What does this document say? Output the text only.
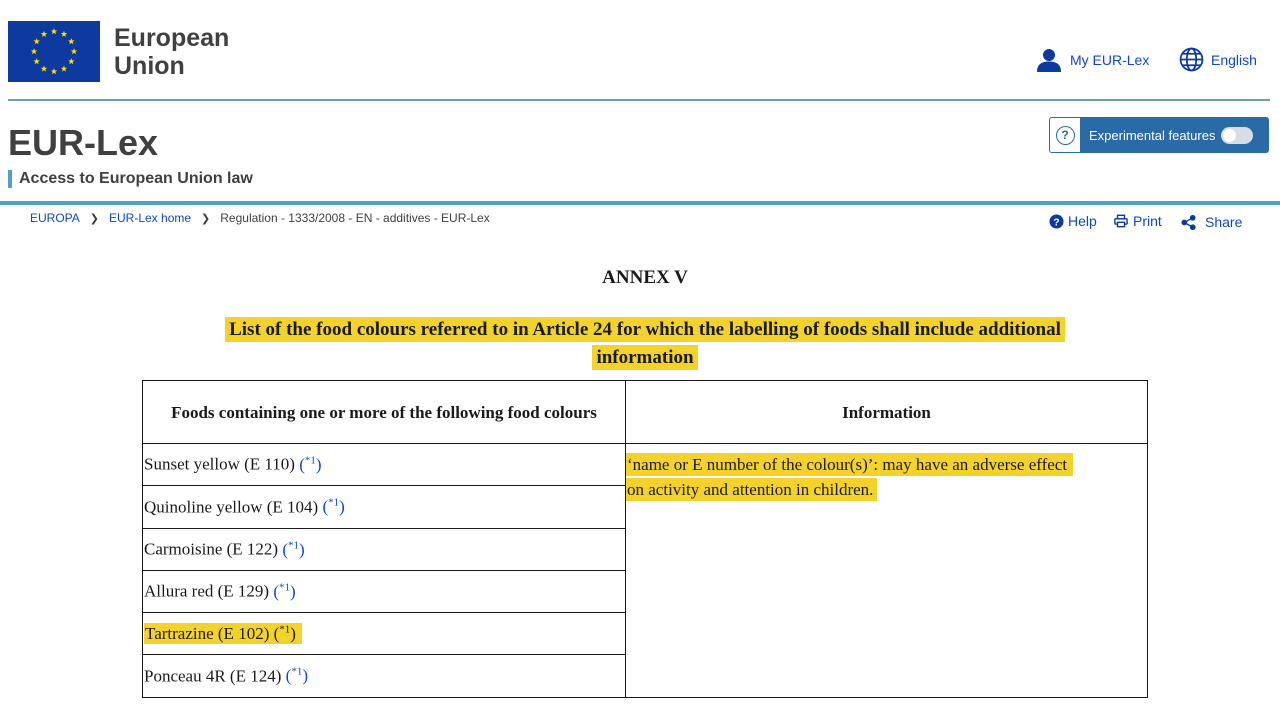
European
Union	My EUR-Lex	English
EUR-Lex
Access to European Union law
?	Experimental features
EUROPA ❯ EUR-Lex home ❯ Regulation - 1333/2008 - EN - additives - EUR-Lex	? Help	Print	Share
ANNEX V
List of the food colours referred to in Article 24 for which the labelling of foods shall include additional
information
Foods containing one or more of the following food colours	Information
Sunset yellow (E 110) ($^{*1}$)	‘name or E number of the colour(s)’: may have an adverse effect
on activity and attention in children.
Quinoline yellow (E 104) ($^{*1}$)	
Carmoisine (E 122) ($^{*1}$)	
Allura red (E 129) ($^{*1}$)	
Tartrazine (E 102) ($^{*1}$)	
Ponceau 4R (E 124) ($^{*1}$)	
